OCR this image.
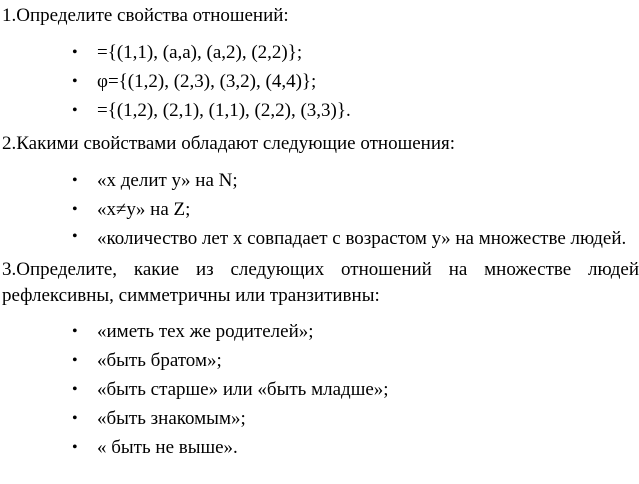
1.Определите свойства отношений:

• ={(1,1), (a,a), (a,2), (2,2)};
• φ={(1,2), (2,3), (3,2), (4,4)};
• ={(1,2), (2,1), (1,1), (2,2), (3,3)}.

2.Какими свойствами обладают следующие отношения:

• «x делит y» на N;
• «x≠y» на Z;
• «количество лет x совпадает с возрастом y» на множестве людей.

3.Определите, какие из следующих отношений на множестве людей рефлексивны, симметричны или транзитивны:

• «иметь тех же родителей»;
• «быть братом»;
• «быть старше» или «быть младше»;
• «быть знакомым»;
• « быть не выше».
